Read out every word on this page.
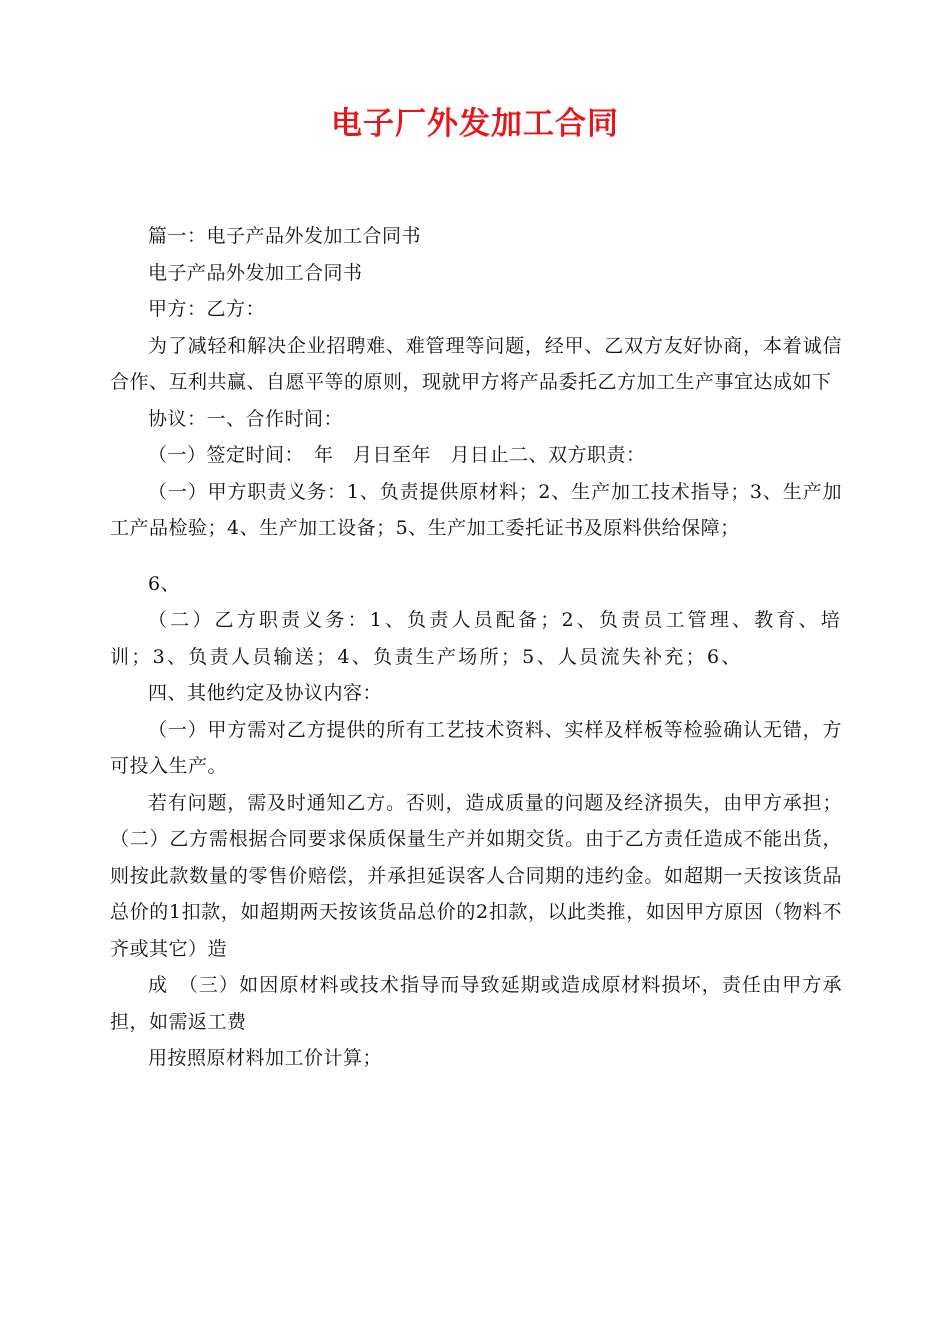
电子厂外发加工合同

篇一：电子产品外发加工合同书

电子产品外发加工合同书

甲方：乙方：

为了减轻和解决企业招聘难、难管理等问题，经甲、乙双方友好协商，本着诚信合作、互利共赢、自愿平等的原则，现就甲方将产品委托乙方加工生产事宜达成如下

协议：一、合作时间：

（一）签定时间：　年　月日至年　月日止二、双方职责：

（一）甲方职责义务：1、负责提供原材料；2、生产加工技术指导；3、生产加工产品检验；4、生产加工设备；5、生产加工委托证书及原料供给保障；

6、

（二）乙方职责义务：1、负责人员配备；2、负责员工管理、教育、培训；3、负责人员输送；4、负责生产场所；5、人员流失补充；6、

四、其他约定及协议内容：

（一）甲方需对乙方提供的所有工艺技术资料、实样及样板等检验确认无错，方可投入生产。

若有问题，需及时通知乙方。否则，造成质量的问题及经济损失，由甲方承担；（二）乙方需根据合同要求保质保量生产并如期交货。由于乙方责任造成不能出货，则按此款数量的零售价赔偿，并承担延误客人合同期的违约金。如超期一天按该货品总价的1扣款，如超期两天按该货品总价的2扣款，以此类推，如因甲方原因（物料不齐或其它）造

成　（三）如因原材料或技术指导而导致延期或造成原材料损坏，责任由甲方承担，如需返工费

用按照原材料加工价计算；
